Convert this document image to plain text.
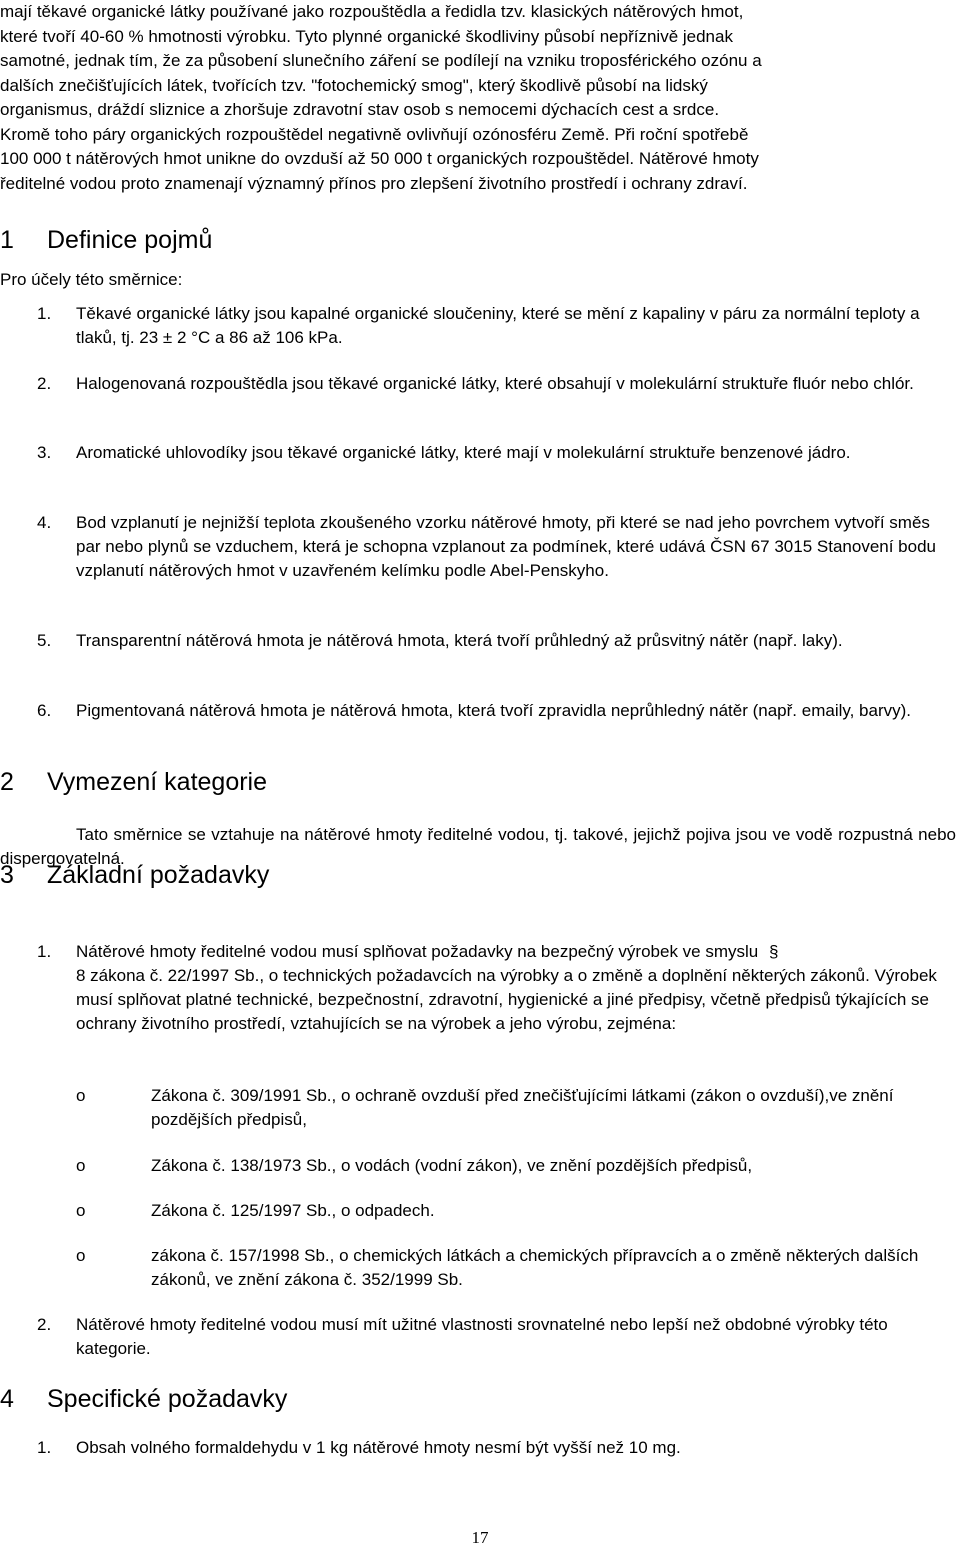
mají těkavé organické látky používané jako rozpouštědla a ředidla tzv. klasických nátěrových hmot,
které tvoří 40-60 % hmotnosti výrobku. Tyto plynné organické škodliviny působí nepříznivě jednak
samotné, jednak tím, že za působení slunečního záření se podílejí na vzniku troposférického ozónu a
dalších znečišťujících látek, tvořících tzv. "fotochemický smog", který škodlivě působí na lidský
organismus, dráždí sliznice a zhoršuje zdravotní stav osob s nemocemi dýchacích cest a srdce.
Kromě toho páry organických rozpouštědel negativně ovlivňují ozónosféru Země. Při roční spotřebě
100 000 t nátěrových hmot unikne do ovzduší až 50 000 t organických rozpouštědel. Nátěrové hmoty
ředitelné vodou proto znamenají významný přínos pro zlepšení životního prostředí i ochrany zdraví.
1 Definice pojmů

Pro účely této směrnice:

1. Těkavé organické látky jsou kapalné organické sloučeniny, které se mění z kapaliny v páru za normální teploty a tlaků, tj. 23 ± 2 °C a 86 až 106 kPa.
2. Halogenovaná rozpouštědla jsou těkavé organické látky, které obsahují v molekulární struktuře fluór nebo chlór.
3. Aromatické uhlovodíky jsou těkavé organické látky, které mají v molekulární struktuře benzenové jádro.
4. Bod vzplanutí je nejnižší teplota zkoušeného vzorku nátěrové hmoty, při které se nad jeho povrchem vytvoří směs par nebo plynů se vzduchem, která je schopna vzplanout za podmínek, které udává ČSN 67 3015 Stanovení bodu vzplanutí nátěrových hmot v uzavřeném kelímku podle Abel-Penskyho.
5. Transparentní nátěrová hmota je nátěrová hmota, která tvoří průhledný až průsvitný nátěr (např. laky).
6. Pigmentovaná nátěrová hmota je nátěrová hmota, která tvoří zpravidla neprůhledný nátěr (např. emaily, barvy).
2 Vymezení kategorie

Tato směrnice se vztahuje na nátěrové hmoty ředitelné vodou, tj. takové, jejichž pojiva jsou ve vodě rozpustná nebo dispergovatelná.

3 Základní požadavky
1. Nátěrové hmoty ředitelné vodou musí splňovat požadavky na bezpečný výrobek ve smyslu §
8 zákona č. 22/1997 Sb., o technických požadavcích na výrobky a o změně a doplnění některých zákonů. Výrobek musí splňovat platné technické, bezpečnostní, zdravotní, hygienické a jiné předpisy, včetně předpisů týkajících se ochrany životního prostředí, vztahujících se na výrobek a jeho výrobu, zejména:
o	Zákona č. 309/1991 Sb., o ochraně ovzduší před znečišťujícími látkami (zákon o ovzduší),ve znění pozdějších předpisů,
o	Zákona č. 138/1973 Sb., o vodách (vodní zákon), ve znění pozdějších předpisů,
o	Zákona č. 125/1997 Sb., o odpadech.
o	zákona č. 157/1998 Sb., o chemických látkách a chemických přípravcích a o změně některých dalších zákonů, ve znění zákona č. 352/1999 Sb.
2. Nátěrové hmoty ředitelné vodou musí mít užitné vlastnosti srovnatelné nebo lepší než obdobné výrobky této kategorie.
4 Specifické požadavky
1. Obsah volného formaldehydu v 1 kg nátěrové hmoty nesmí být vyšší než 10 mg.
17
